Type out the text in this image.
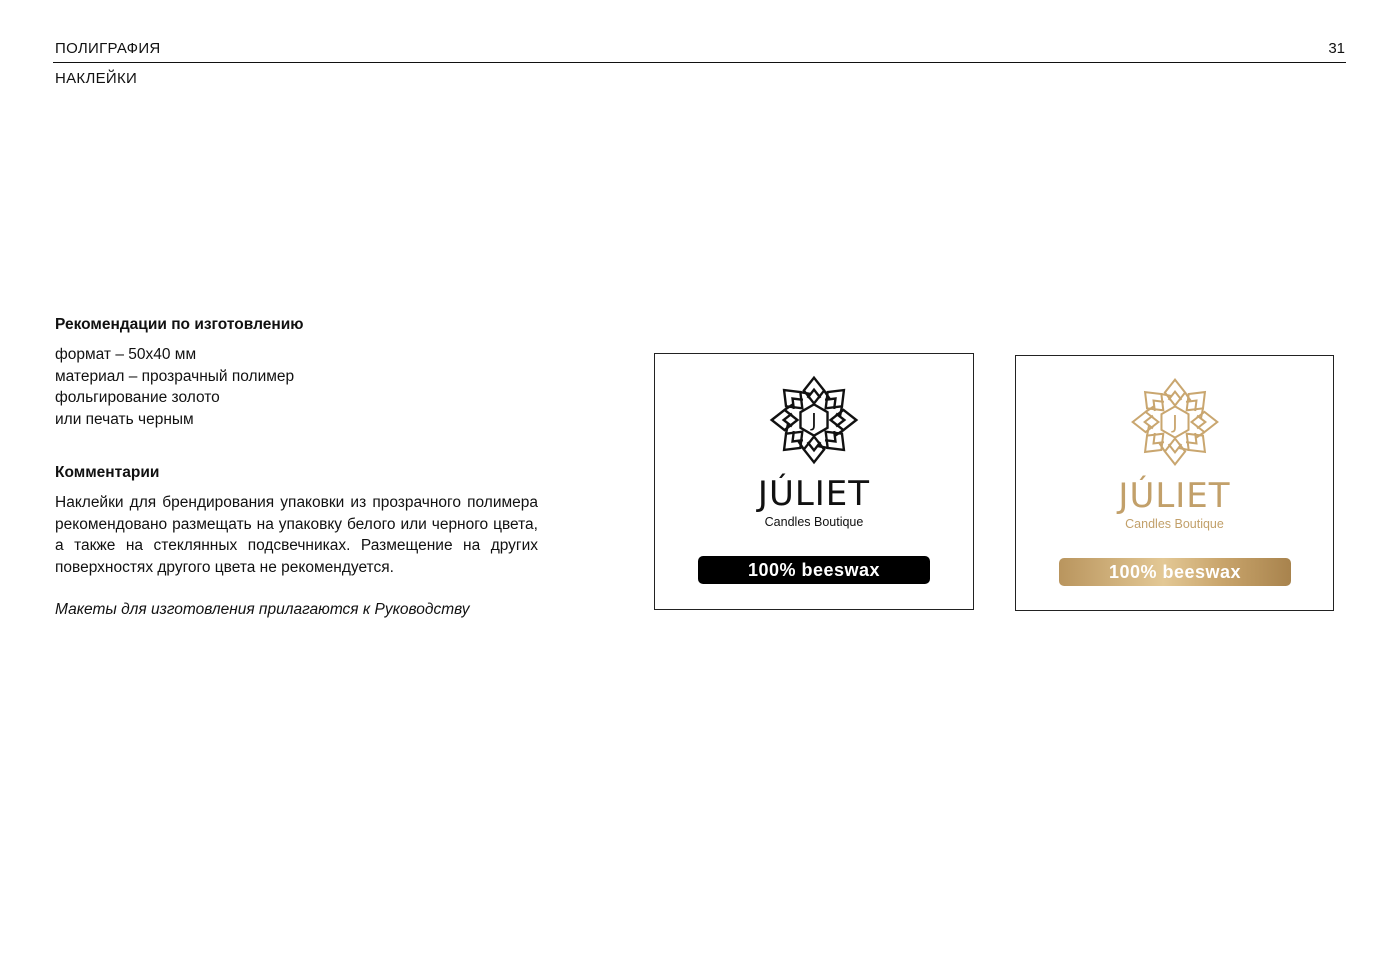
ПОЛИГРАФИЯ
НАКЛЕЙКИ
31
Рекомендации по изготовлению
формат – 50х40 мм
материал – прозрачный полимер
фольгирование золото
или печать черным
Комментарии

Наклейки для брендирования упаковки из прозрачного полимера рекомендовано размещать на упаковку белого или черного цвета, а также на стеклянных подсвечниках. Размещение на других поверхностях другого цвета не рекомендуется.

Макеты для изготовления прилагаются к Руководству

J
JÚLIET
Candles Boutique
100% beeswax
J
JÚLIET
Candles Boutique
100% beeswax
